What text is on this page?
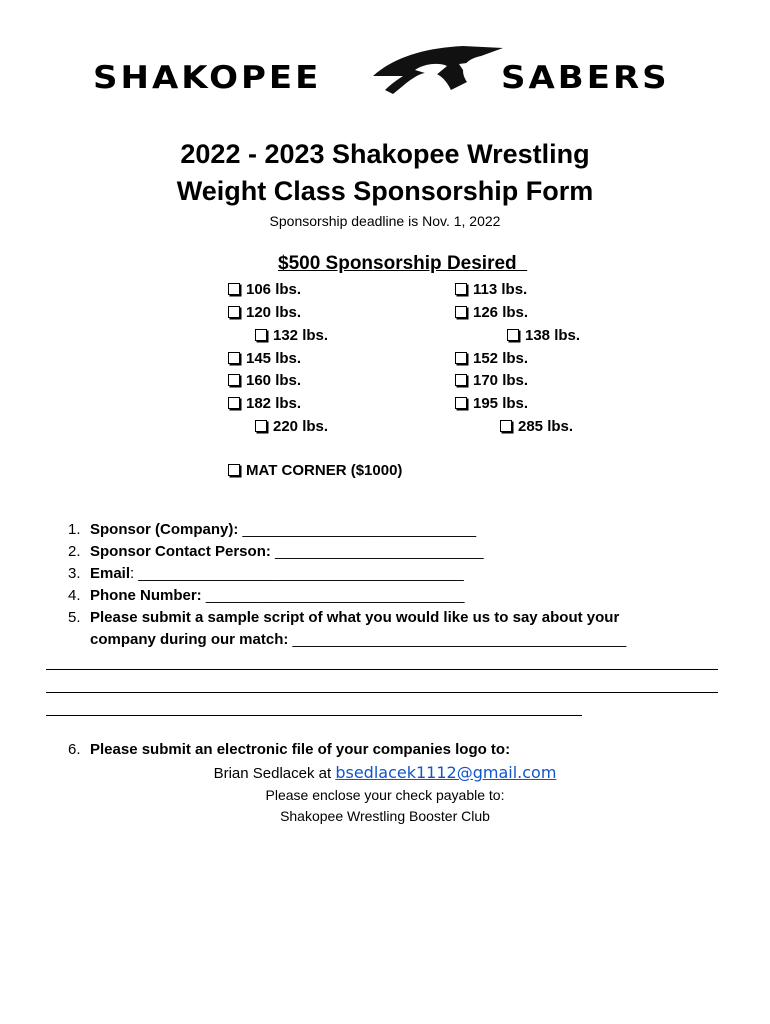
SHAKOPEE	SABERS
2022 - 2023 Shakopee Wrestling
Weight Class Sponsorship Form
Sponsorship deadline is Nov. 1, 2022
$500 Sponsorship Desired
106 lbs.	113 lbs.
120 lbs.	126 lbs.
132 lbs.	138 lbs.
145 lbs.	152 lbs.
160 lbs.	170 lbs.
182 lbs.	195 lbs.
220 lbs.	285 lbs.
MAT CORNER ($1000)
1. Sponsor (Company): ____________________________
2. Sponsor Contact Person: _________________________
3. Email: _______________________________________
4. Phone Number: _______________________________
5. Please submit a sample script of what you would like us to say about your
company during our match: ________________________________________
6. Please submit an electronic file of your companies logo to:
Brian Sedlacek at bsedlacek1112@gmail.com
Please enclose your check payable to:
Shakopee Wrestling Booster Club
